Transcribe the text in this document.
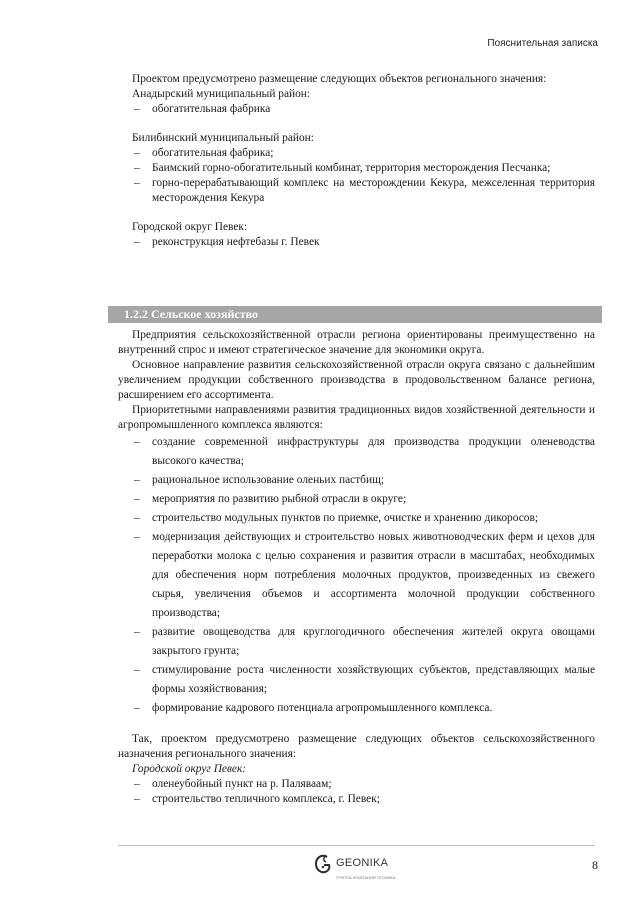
Пояснительная записка

Проектом предусмотрено размещение следующих объектов регионального значения:

Анадырский муниципальный район:

– обогатительная фабрика

Билибинский муниципальный район:

– обогатительная фабрика;
– Баимский горно-обогатительный комбинат, территория месторождения Песчанка;
– горно-перерабатывающий комплекс на месторождении Кекура, межселенная территория месторождения Кекура

Городской округ Певек:

– реконструкция нефтебазы г. Певек
1.2.2 Сельское хозяйство

Предприятия сельскохозяйственной отрасли региона ориентированы преимущественно на внутренний спрос и имеют стратегическое значение для экономики округа.

Основное направление развития сельскохозяйственной отрасли округа связано с дальнейшим увеличением продукции собственного производства в продовольственном балансе региона, расширением его ассортимента.

Приоритетными направлениями развития традиционных видов хозяйственной деятельности и агропромышленного комплекса являются:

– создание современной инфраструктуры для производства продукции оленеводства высокого качества;
– рациональное использование оленьих пастбищ;
– мероприятия по развитию рыбной отрасли в округе;
– строительство модульных пунктов по приемке, очистке и хранению дикоросов;
– модернизация действующих и строительство новых животноводческих ферм и цехов для переработки молока с целью сохранения и развития отрасли в масштабах, необходимых для обеспечения норм потребления молочных продуктов, произведенных из свежего сырья, увеличения объемов и ассортимента молочной продукции собственного производства;
– развитие овощеводства для круглогодичного обеспечения жителей округа овощами закрытого грунта;
– стимулирование роста численности хозяйствующих субъектов, представляющих малые формы хозяйствования;
– формирование кадрового потенциала агропромышленного комплекса.

Так, проектом предусмотрено размещение следующих объектов сельскохозяйственного назначения регионального значения:

Городской округ Певек:

– оленеубойный пункт на р. Паляваам;
– строительство тепличного комплекса, г. Певек;
GEONIKA
ГРУППА КОМПАНИЙ ГЕОНИКА
8
